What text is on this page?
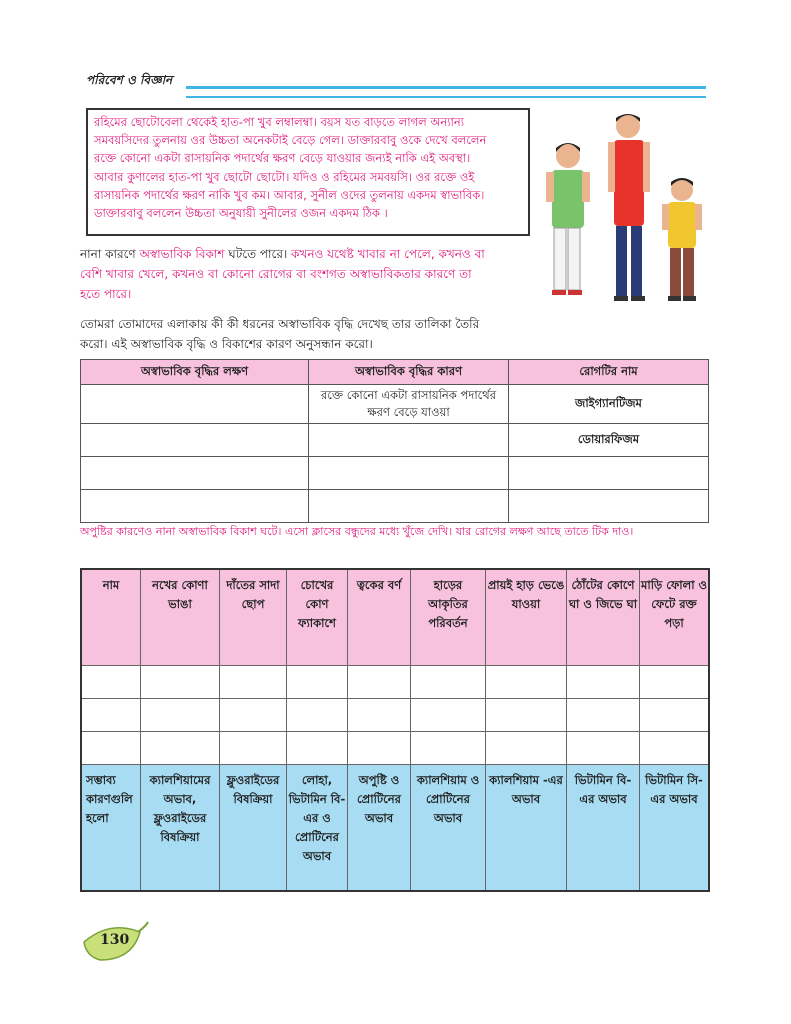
পরিবেশ ও বিজ্ঞান
রহিমের ছোটোবেলা থেকেই হাত-পা খুব লম্বালম্বা। বয়স যত বাড়তে লাগল অন্যান্য
সমবয়সিদের তুলনায় ওর উচ্চতা অনেকটাই বেড়ে গেল। ডাক্তারবাবু ওকে দেখে বললেন
রক্তে কোনো একটা রাসায়নিক পদার্থের ক্ষরণ বেড়ে যাওয়ার জন্যই নাকি এই অবস্থা।
আবার কুণালের হাত-পা খুব ছোটো ছোটো। যদিও ও রহিমের সমবয়সি। ওর রক্তে ওই
রাসায়নিক পদার্থের ক্ষরণ নাকি খুব কম। আবার, সুনীল ওদের তুলনায় একদম স্বাভাবিক।
ডাক্তারবাবু বললেন উচ্চতা অনুযায়ী সুনীলের ওজন একদম ঠিক ।
নানা কারণে অস্বাভাবিক বিকাশ ঘটতে পারে। কখনও যথেষ্ট খাবার না পেলে, কখনও বা
বেশি খাবার খেলে, কখনও বা কোনো রোগের বা বংশগত অস্বাভাবিকতার কারণে তা
হতে পারে।
তোমরা তোমাদের এলাকায় কী কী ধরনের অস্বাভাবিক বৃদ্ধি দেখেছ তার তালিকা তৈরি
করো। এই অস্বাভাবিক বৃদ্ধি ও বিকাশের কারণ অনুসন্ধান করো।
অস্বাভাবিক বৃদ্ধির লক্ষণ	অস্বাভাবিক বৃদ্ধির কারণ	রোগটির নাম
	রক্তে কোনো একটা রাসায়নিক পদার্থের ক্ষরণ বেড়ে যাওয়া	জাইগ্যানটিজম
		ডোয়ারফিজম

অপুষ্টির কারণেও নানা অস্বাভাবিক বিকাশ ঘটে। এসো ক্লাসের বন্ধুদের মধ্যে খুঁজে দেখি। যার রোগের লক্ষণ আছে তাতে টিক দাও।
নাম	নখের কোণা ভাঙা	দাঁতের সাদা ছোপ	চোখের কোণ ফ্যাকাশে	ত্বকের বর্ণ	হাড়ের আকৃতির পরিবর্তন	প্রায়ই হাড় ভেঙে যাওয়া	ঠোঁটের কোণে ঘা ও জিভে ঘা	মাড়ি ফোলা ও ফেটে রক্ত পড়া

সম্ভাব্য কারণগুলি হলো	ক্যালশিয়ামের অভাব, ফ্লুওরাইডের বিষক্রিয়া	ফ্লুওরাইডের বিষক্রিয়া	লোহা, ভিটামিন বি-এর ও প্রোটিনের অভাব	অপুষ্টি ও প্রোটিনের অভাব	ক্যালশিয়াম ও প্রোটিনের অভাব	ক্যালশিয়াম -এর অভাব	ভিটামিন বি-এর অভাব	ভিটামিন সি-এর অভাব
130
